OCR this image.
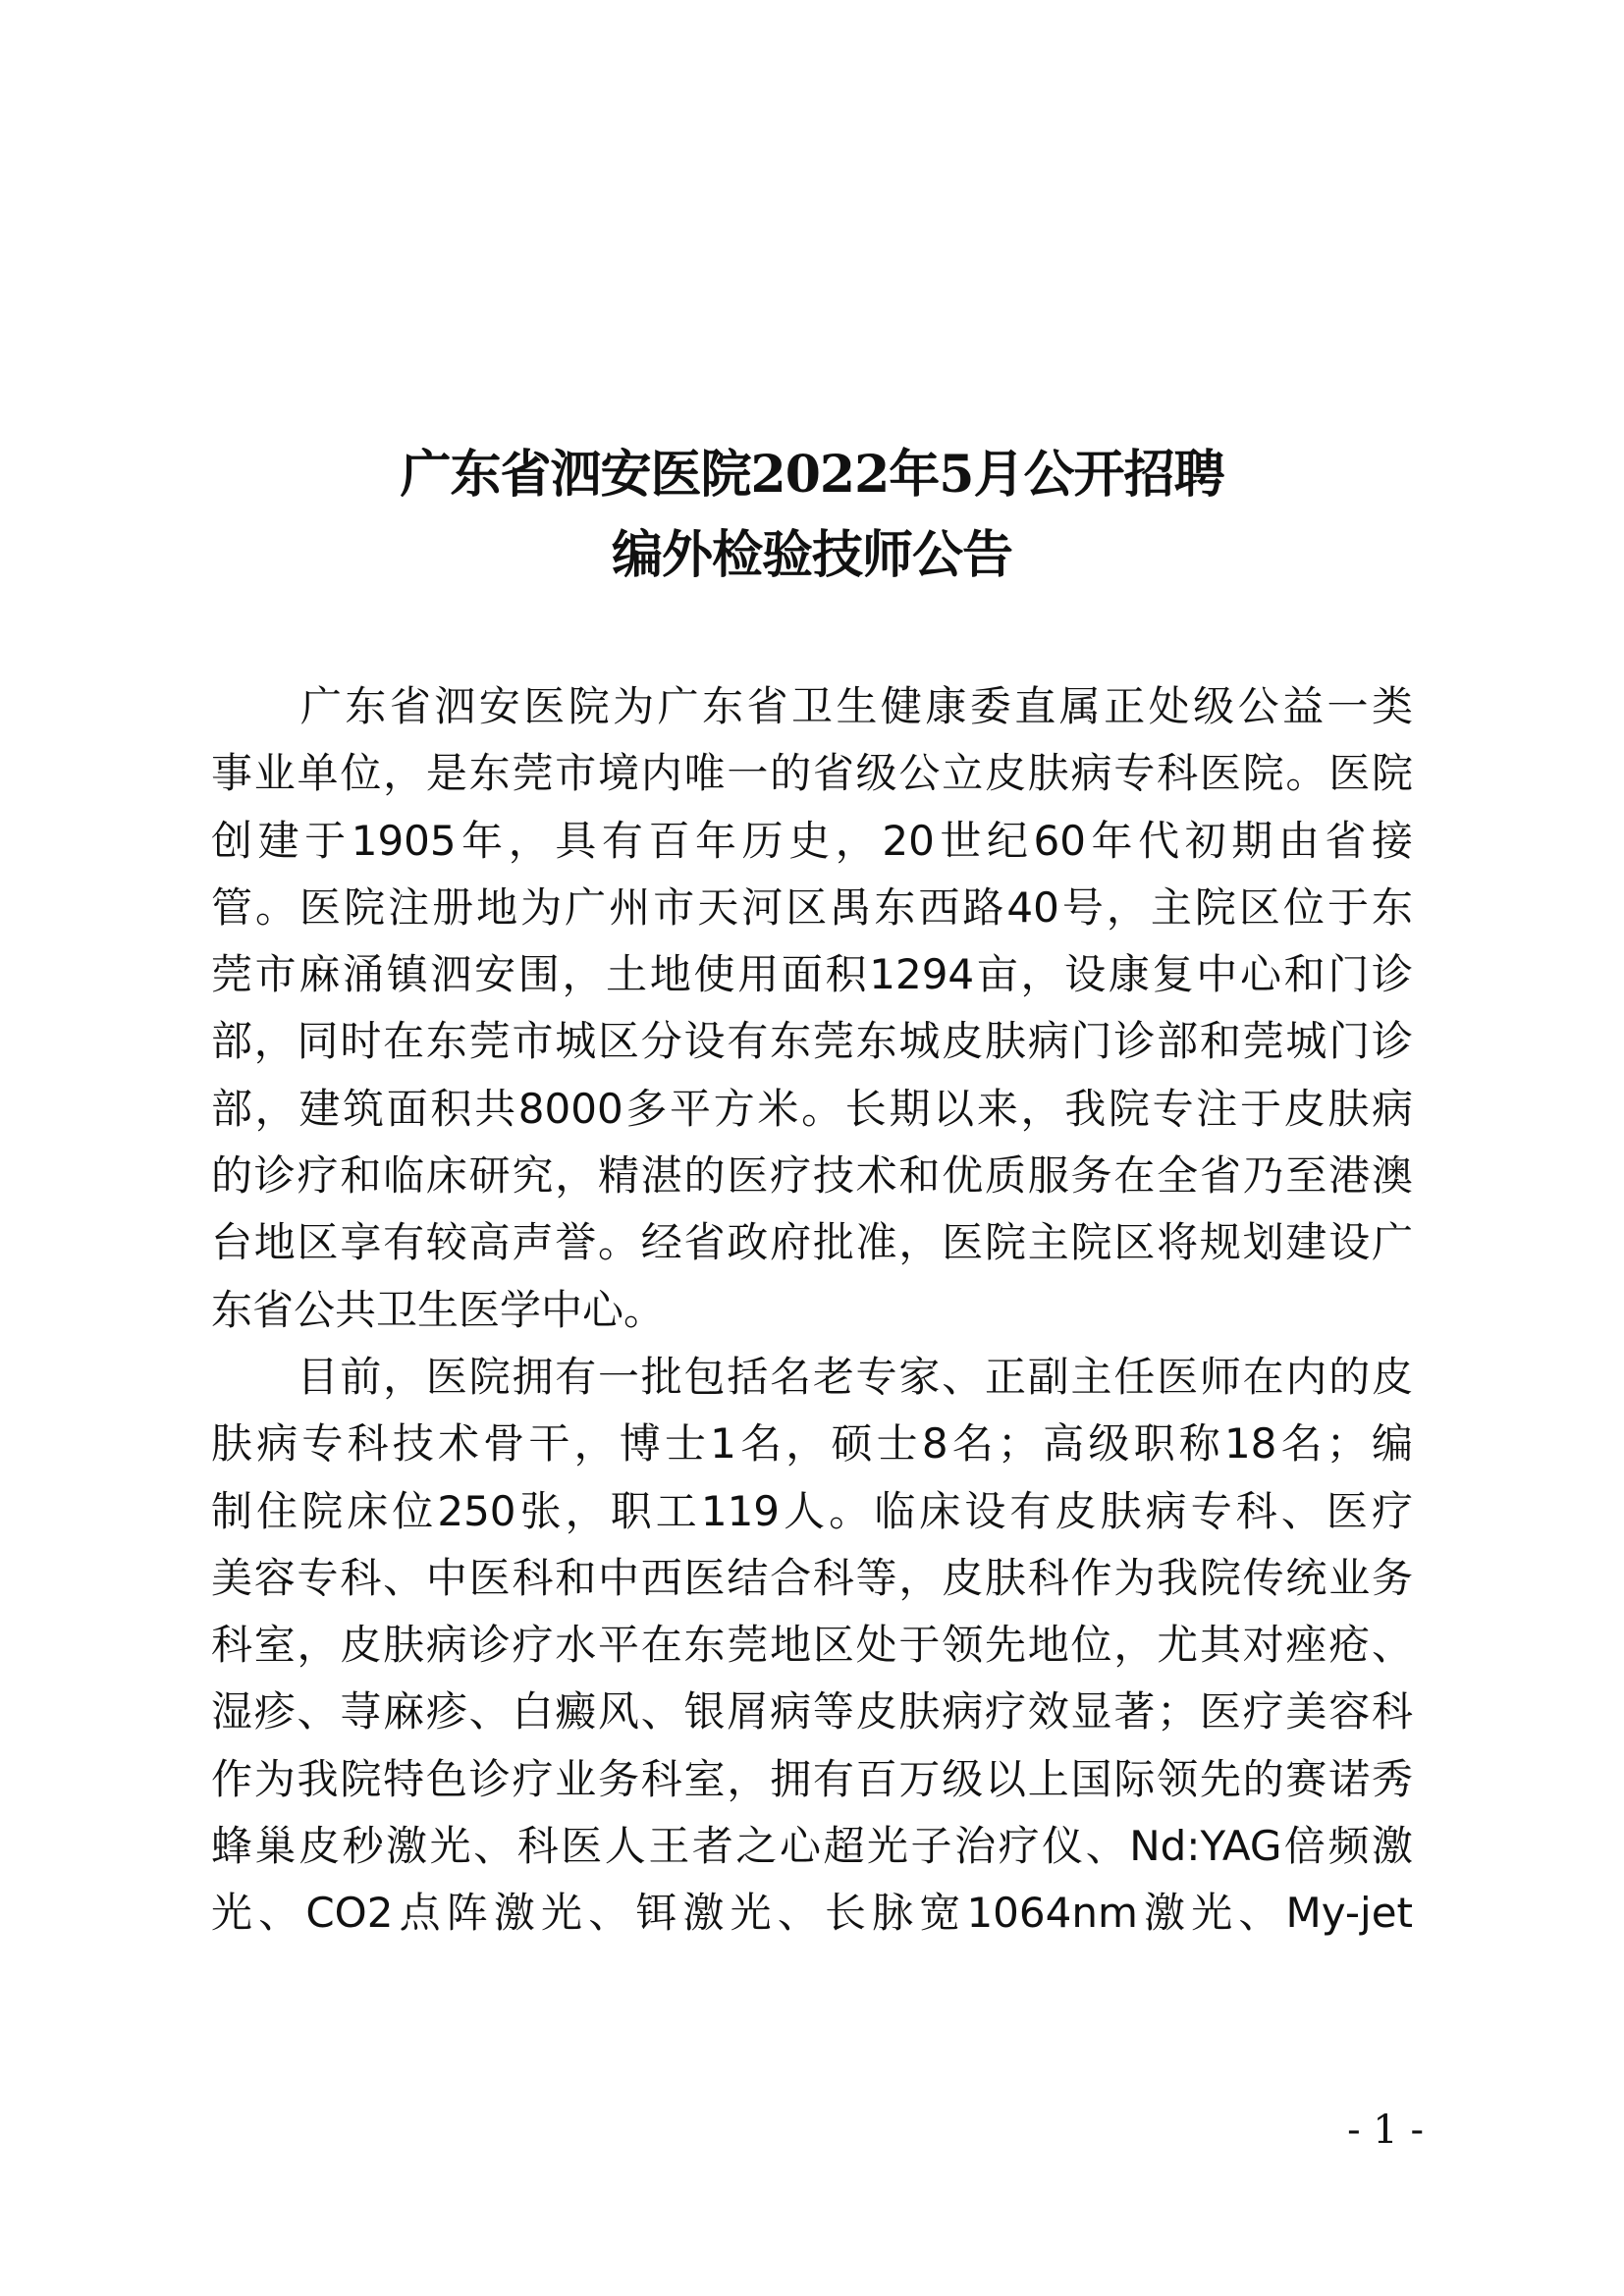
广东省泗安医院2022年5月公开招聘
编外检验技师公告
　　广东省泗安医院为广东省卫生健康委直属正处级公益一类
事业单位，是东莞市境内唯一的省级公立皮肤病专科医院。医院
创建于1905年，具有百年历史，20世纪60年代初期由省接
管。医院注册地为广州市天河区禺东西路40号，主院区位于东
莞市麻涌镇泗安围，土地使用面积1294亩，设康复中心和门诊
部，同时在东莞市城区分设有东莞东城皮肤病门诊部和莞城门诊
部，建筑面积共8000多平方米。长期以来，我院专注于皮肤病
的诊疗和临床研究，精湛的医疗技术和优质服务在全省乃至港澳
台地区享有较高声誉。经省政府批准，医院主院区将规划建设广
东省公共卫生医学中心。
　　目前，医院拥有一批包括名老专家、正副主任医师在内的皮
肤病专科技术骨干，博士1名，硕士8名；高级职称18名；编
制住院床位250张，职工119人。临床设有皮肤病专科、医疗
美容专科、中医科和中西医结合科等，皮肤科作为我院传统业务
科室，皮肤病诊疗水平在东莞地区处于领先地位，尤其对痤疮、
湿疹、荨麻疹、白癜风、银屑病等皮肤病疗效显著；医疗美容科
作为我院特色诊疗业务科室，拥有百万级以上国际领先的赛诺秀
蜂巢皮秒激光、科医人王者之心超光子治疗仪、Nd:YAG倍频激
光、CO2点阵激光、铒激光、长脉宽1064nm激光、My-jet
- 1 -
